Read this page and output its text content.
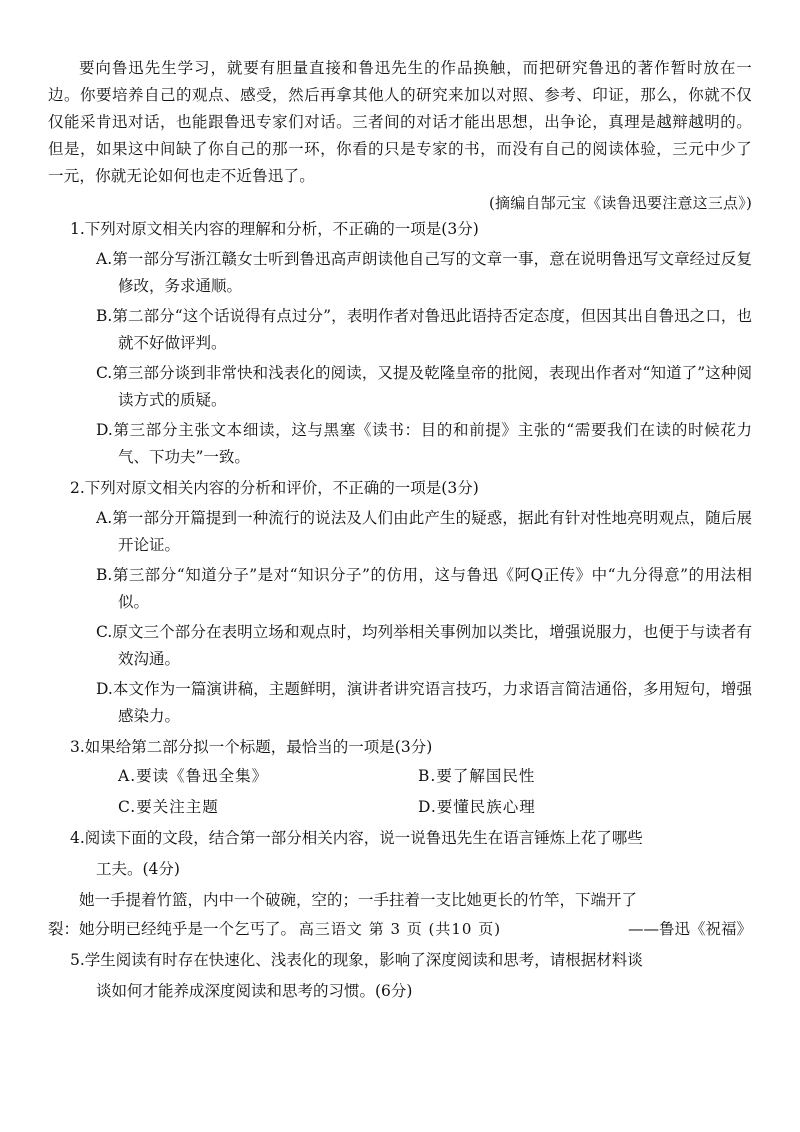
要向鲁迅先生学习，就要有胆量直接和鲁迅先生的作品换触，而把研究鲁迅的著作暂时放在一边。你要培养自己的观点、感受，然后再拿其他人的研究来加以对照、参考、印证，那么，你就不仅仅能采肯迅对话，也能跟鲁迅专家们对话。三者间的对话才能出思想，出争论，真理是越辩越明的。但是，如果这中间缺了你自己的那一环，你看的只是专家的书，而没有自己的阅读体验，三元中少了一元，你就无论如何也走不近鲁迅了。

(摘编自郜元宝《读鲁迅要注意这三点》)
1.下列对原文相关内容的理解和分析，不正确的一项是(3分)
A.第一部分写浙江赣女士听到鲁迅高声朗读他自己写的文章一事，意在说明鲁迅写文章经过反复修改，务求通顺。
B.第二部分“这个话说得有点过分”，表明作者对鲁迅此语持否定态度，但因其出自鲁迅之口，也就不好做评判。
C.第三部分谈到非常快和浅表化的阅读，又提及乾隆皇帝的批阅，表现出作者对“知道了”这种阅读方式的质疑。
D.第三部分主张文本细读，这与黑塞《读书：目的和前提》主张的“需要我们在读的时候花力气、下功夫”一致。
2.下列对原文相关内容的分析和评价，不正确的一项是(3分)
A.第一部分开篇提到一种流行的说法及人们由此产生的疑惑，据此有针对性地亮明观点，随后展开论证。
B.第三部分“知道分子”是对“知识分子”的仿用，这与鲁迅《阿Q正传》中“九分得意”的用法相似。
C.原文三个部分在表明立场和观点时，均列举相关事例加以类比，增强说服力，也便于与读者有效沟通。
D.本文作为一篇演讲稿，主题鲜明，演讲者讲究语言技巧，力求语言简洁通俗，多用短句，增强感染力。
3.如果给第二部分拟一个标题，最恰当的一项是(3分)
A.要读《鲁迅全集》	B.要了解国民性
C.要关注主题	D.要懂民族心理
4.阅读下面的文段，结合第一部分相关内容，说一说鲁迅先生在语言锤炼上花了哪些
工夫。(4分)
她一手提着竹篮，内中一个破碗，空的；一手拄着一支比她更长的竹竿，下端开了
裂：她分明已经纯乎是一个乞丐了。	——鲁迅《祝福》
5.学生阅读有时存在快速化、浅表化的现象，影响了深度阅读和思考，请根据材料谈
谈如何才能养成深度阅读和思考的习惯。(6分)
高三语文 第 3 页 (共10 页)
